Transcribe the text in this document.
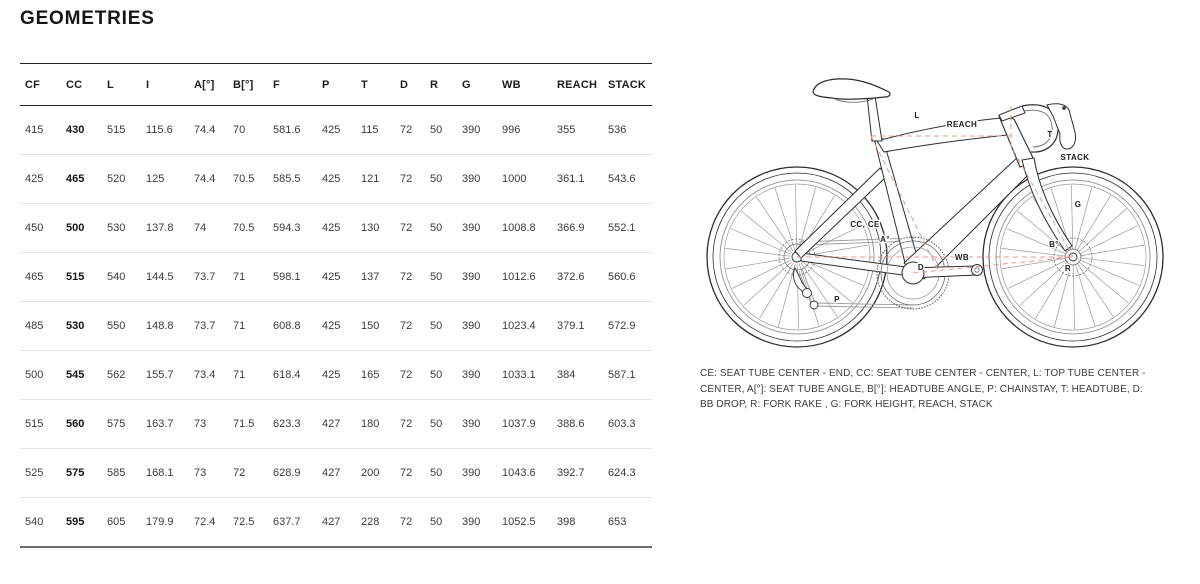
GEOMETRIES
CF	CC	L	I	A[°]	B[°]	F	P	T	D	R	G	WB	REACH	STACK
415	430	515	115.6	74.4	70	581.6	425	115	72	50	390	996	355	536
425	465	520	125	74.4	70.5	585.5	425	121	72	50	390	1000	361.1	543.6
450	500	530	137.8	74	70.5	594.3	425	130	72	50	390	1008.8	366.9	552.1
465	515	540	144.5	73.7	71	598.1	425	137	72	50	390	1012.6	372.6	560.6
485	530	550	148.8	73.7	71	608.8	425	150	72	50	390	1023.4	379.1	572.9
500	545	562	155.7	73.4	71	618.4	425	165	72	50	390	1033.1	384	587.1
515	560	575	163.7	73	71.5	623.3	427	180	72	50	390	1037.9	388.6	603.3
525	575	585	168.1	73	72	628.9	427	200	72	50	390	1043.6	392.7	624.3
540	595	605	179.9	72.4	72.5	637.7	427	228	72	50	390	1052.5	398	653
L
REACH
T
STACK
G
CC, CE
A°
B°
WB
D	R
P
CE: SEAT TUBE CENTER - END, CC: SEAT TUBE CENTER - CENTER, L: TOP TUBE CENTER - CENTER, A[°]: SEAT TUBE ANGLE, B[°]: HEADTUBE ANGLE, P: CHAINSTAY, T: HEADTUBE, D: BB DROP, R: FORK RAKE , G: FORK HEIGHT, REACH, STACK
